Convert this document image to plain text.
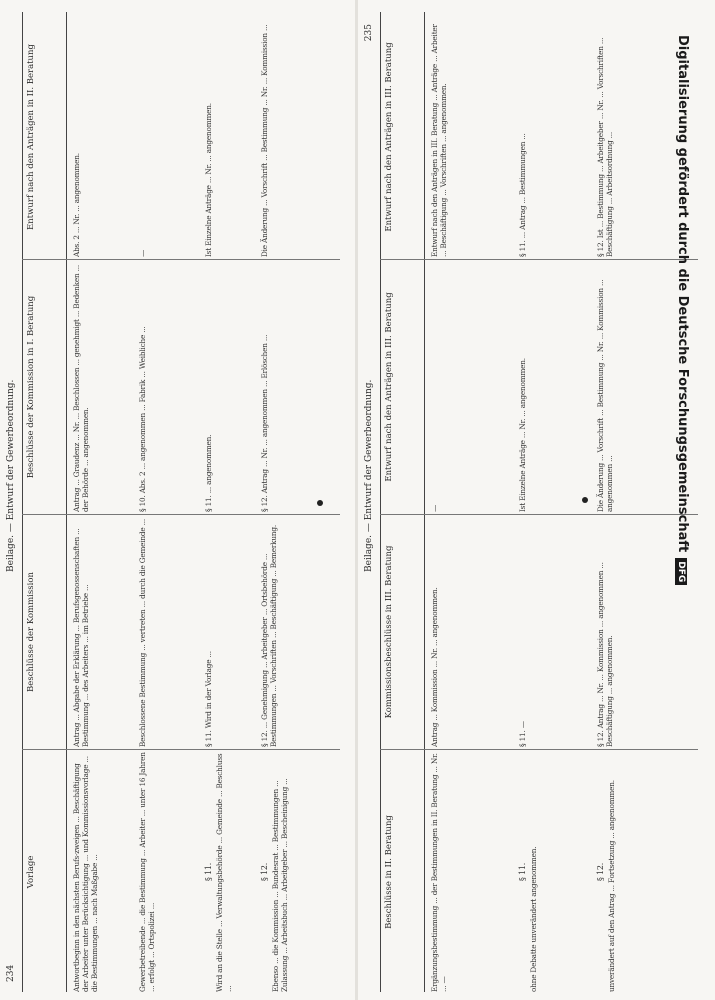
234
Beilage. — Entwurf der Gewerbeordnung.
Vorlage
Beschlüsse der Kommission
Beschlüsse der Kommission in I. Beratung
Entwurf nach den Anträgen in II. Beratung
Antwortbeginn in den nächsten Berufs-zweigen ... Beschäftigung der Arbeiter unter Berücksichtigung ... und Kommissionsvorlage ... die Bestimmungen ... nach Maßgabe ...
Antrag ... Abgabe der Erklärung ... Berufsgenossenschaften ... Bestimmung ... des Arbeiters ... im Betriebe ...
Antrag ... Graudenz ... Nr. ... Beschlossen ... genehmigt ... Bedenken ... der Behörde ... angenommen.
Abs. 2 ... Nr. ... angenommen.
Gewerbetreibende ... die Bestimmung ... Arbeiter ... unter 16 Jahren ... erfolgt ... Ortspolizei ...
Beschlossene Bestimmung ... vertreten ... durch die Gemeinde ...
§ 10. Abs. 2 ... angenommen ... Fabrik ... Weibliche ...
—
§ 11. Wird an die Stelle ... Verwaltungsbehörde ... Gemeinde ... Beschluss ...
§ 11. Wird in der Vorlage ...
§ 11. ... angenommen.
Ist Einzelne Anträge ... Nr. ... angenommen.
§ 12. Ebenso ... die Kommission ... Bundesrat ... Bestimmungen ... Zulassung ... Arbeitsbuch ... Arbeitgeber ... Bescheinigung ...
§ 12. ... Genehmigung ... Arbeitgeber ... Ortsbehörde ... Bestimmungen ... Vorschriften ... Beschäftigung ... Bemerkung.
§ 12. Antrag ... Nr. ... angenommen ... Erlöschen ...
Die Änderung ... Vorschrift ... Bestimmung ... Nr. ... Kommission ...
Beilage. — Entwurf der Gewerbeordnung.
235
Beschlüsse in II. Beratung
Kommissionsbeschlüsse in III. Beratung
Entwurf nach den Anträgen in III. Beratung
Entwurf nach den Anträgen in III. Beratung
Ergänzungsbestimmung ... der Bestimmungen in II. Beratung ... Nr. ... —
Antrag ... Kommission ... Nr. ... angenommen.
—
Entwurf nach den Anträgen in III. Beratung ... Anträge ... Arbeiter ... Beschäftigung ... Vorschriften ... angenommen.
§ 11. ohne Debatte unverändert angenommen.
§ 11. —
Ist Einzelne Anträge ... Nr. ... angenommen.
§ 11. ... Antrag ... Bestimmungen ...
§ 12. unverändert auf den Antrag ... Fortsetzung ... angenommen.
§ 12. Antrag ... Nr. ... Kommission ... angenommen ... Beschäftigung ... angenommen.
Die Änderung ... Vorschrift ... Bestimmung ... Nr. ... Kommission ... angenommen ...
§ 12. Ist ... Bestimmung ... Arbeitgeber ... Nr. ... Vorschriften ... Beschäftigung ... Arbeitsordnung ...	Digitalisierung gefördert durch die Deutsche ForschungsgemeinschaftDFG
